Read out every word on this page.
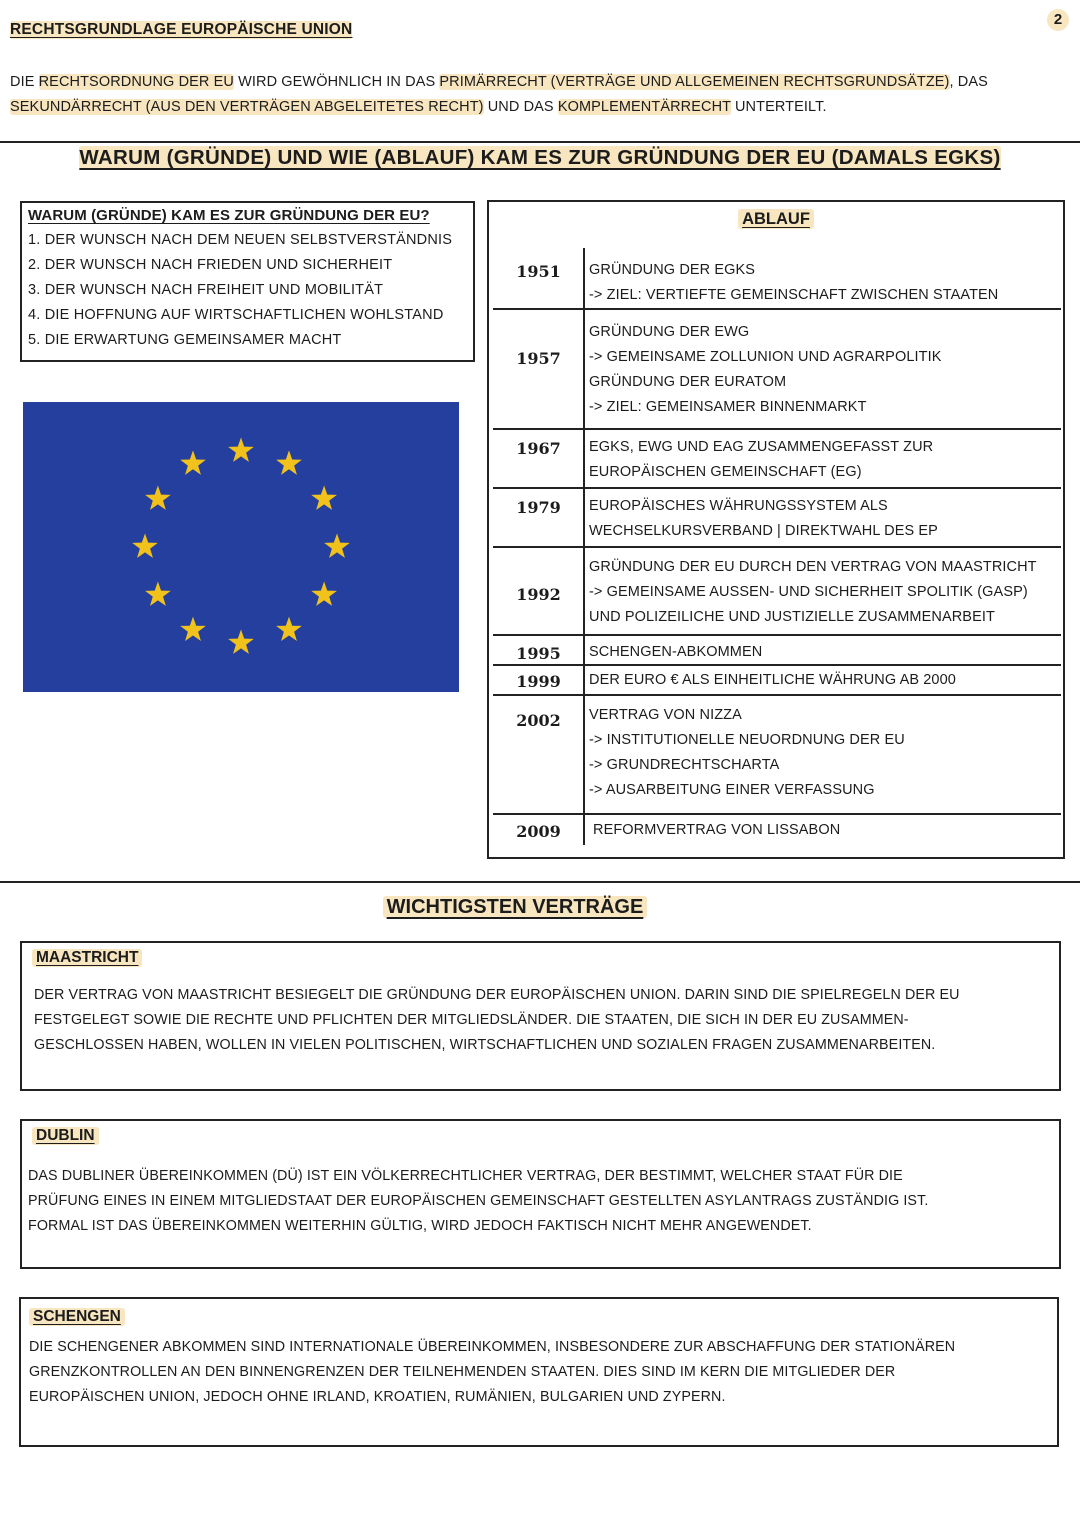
2
RECHTSGRUNDLAGE EUROPÄISCHE UNION
DIE RECHTSORDNUNG DER EU WIRD GEWÖHNLICH IN DAS PRIMÄRRECHT (VERTRÄGE UND ALLGEMEINEN RECHTSGRUNDSÄTZE), DAS SEKUNDÄRRECHT (AUS DEN VERTRÄGEN ABGELEITETES RECHT) UND DAS KOMPLEMENTÄRRECHT UNTERTEILT.
WARUM (GRÜNDE) UND WIE (ABLAUF) KAM ES ZUR GRÜNDUNG DER EU (DAMALS EGKS)
WARUM (GRÜNDE) KAM ES ZUR GRÜNDUNG DER EU?
1. DER WUNSCH NACH DEM NEUEN SELBSTVERSTÄNDNIS
2. DER WUNSCH NACH FRIEDEN UND SICHERHEIT
3. DER WUNSCH NACH FREIHEIT UND MOBILITÄT
4. DIE HOFFNUNG AUF WIRTSCHAFTLICHEN WOHLSTAND
5. DIE ERWARTUNG GEMEINSAMER MACHT
ABLAUF
1951	GRÜNDUNG DER EGKS
-> ZIEL: VERTIEFTE GEMEINSCHAFT ZWISCHEN STAATEN
1957
GRÜNDUNG DER EWG
-> GEMEINSAME ZOLLUNION UND AGRARPOLITIK
GRÜNDUNG DER EURATOM
-> ZIEL: GEMEINSAMER BINNENMARKT
1967	EGKS, EWG UND EAG ZUSAMMENGEFASST ZUR
EUROPÄISCHEN GEMEINSCHAFT (EG)
1979	EUROPÄISCHES WÄHRUNGSSYSTEM ALS
WECHSELKURSVERBAND | DIREKTWAHL DES EP
1992
GRÜNDUNG DER EU DURCH DEN VERTRAG VON MAASTRICHT
-> GEMEINSAME AUSSEN- UND SICHERHEIT SPOLITIK (GASP)
UND POLIZEILICHE UND JUSTIZIELLE ZUSAMMENARBEIT
1995	SCHENGEN-ABKOMMEN
1999	DER EURO € ALS EINHEITLICHE WÄHRUNG AB 2000
2002	VERTRAG VON NIZZA
-> INSTITUTIONELLE NEUORDNUNG DER EU
-> GRUNDRECHTSCHARTA
-> AUSARBEITUNG EINER VERFASSUNG
2009	REFORMVERTRAG VON LISSABON
WICHTIGSTEN VERTRÄGE
MAASTRICHT
DER VERTRAG VON MAASTRICHT BESIEGELT DIE GRÜNDUNG DER EUROPÄISCHEN UNION. DARIN SIND DIE SPIELREGELN DER EU
FESTGELEGT SOWIE DIE RECHTE UND PFLICHTEN DER MITGLIEDSLÄNDER. DIE STAATEN, DIE SICH IN DER EU ZUSAMMEN-
GESCHLOSSEN HABEN, WOLLEN IN VIELEN POLITISCHEN, WIRTSCHAFTLICHEN UND SOZIALEN FRAGEN ZUSAMMENARBEITEN.
DUBLIN
DAS DUBLINER ÜBEREINKOMMEN (DÜ) IST EIN VÖLKERRECHTLICHER VERTRAG, DER BESTIMMT, WELCHER STAAT FÜR DIE
PRÜFUNG EINES IN EINEM MITGLIEDSTAAT DER EUROPÄISCHEN GEMEINSCHAFT GESTELLTEN ASYLANTRAGS ZUSTÄNDIG IST.
FORMAL IST DAS ÜBEREINKOMMEN WEITERHIN GÜLTIG, WIRD JEDOCH FAKTISCH NICHT MEHR ANGEWENDET.
SCHENGEN
DIE SCHENGENER ABKOMMEN SIND INTERNATIONALE ÜBEREINKOMMEN, INSBESONDERE ZUR ABSCHAFFUNG DER STATIONÄREN
GRENZKONTROLLEN AN DEN BINNENGRENZEN DER TEILNEHMENDEN STAATEN. DIES SIND IM KERN DIE MITGLIEDER DER
EUROPÄISCHEN UNION, JEDOCH OHNE IRLAND, KROATIEN, RUMÄNIEN, BULGARIEN UND ZYPERN.
